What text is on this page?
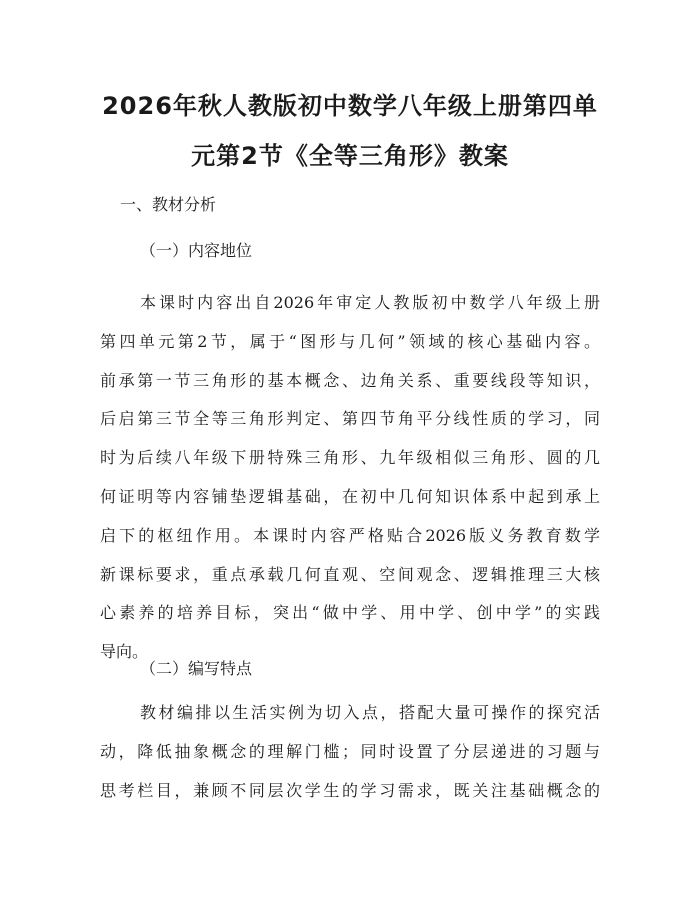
2026年秋人教版初中数学八年级上册第四单
元第2节《全等三角形》教案

一、教材分析

（一）内容地位

本课时内容出自2026年审定人教版初中数学八年级上册
第四单元第2节，属于“图形与几何”领域的核心基础内容。
前承第一节三角形的基本概念、边角关系、重要线段等知识，
后启第三节全等三角形判定、第四节角平分线性质的学习，同
时为后续八年级下册特殊三角形、九年级相似三角形、圆的几
何证明等内容铺垫逻辑基础，在初中几何知识体系中起到承上
启下的枢纽作用。本课时内容严格贴合2026版义务教育数学
新课标要求，重点承载几何直观、空间观念、逻辑推理三大核
心素养的培养目标，突出“做中学、用中学、创中学”的实践
导向。

（二）编写特点

教材编排以生活实例为切入点，搭配大量可操作的探究活
动，降低抽象概念的理解门槛；同时设置了分层递进的习题与
思考栏目，兼顾不同层次学生的学习需求，既关注基础概念的
